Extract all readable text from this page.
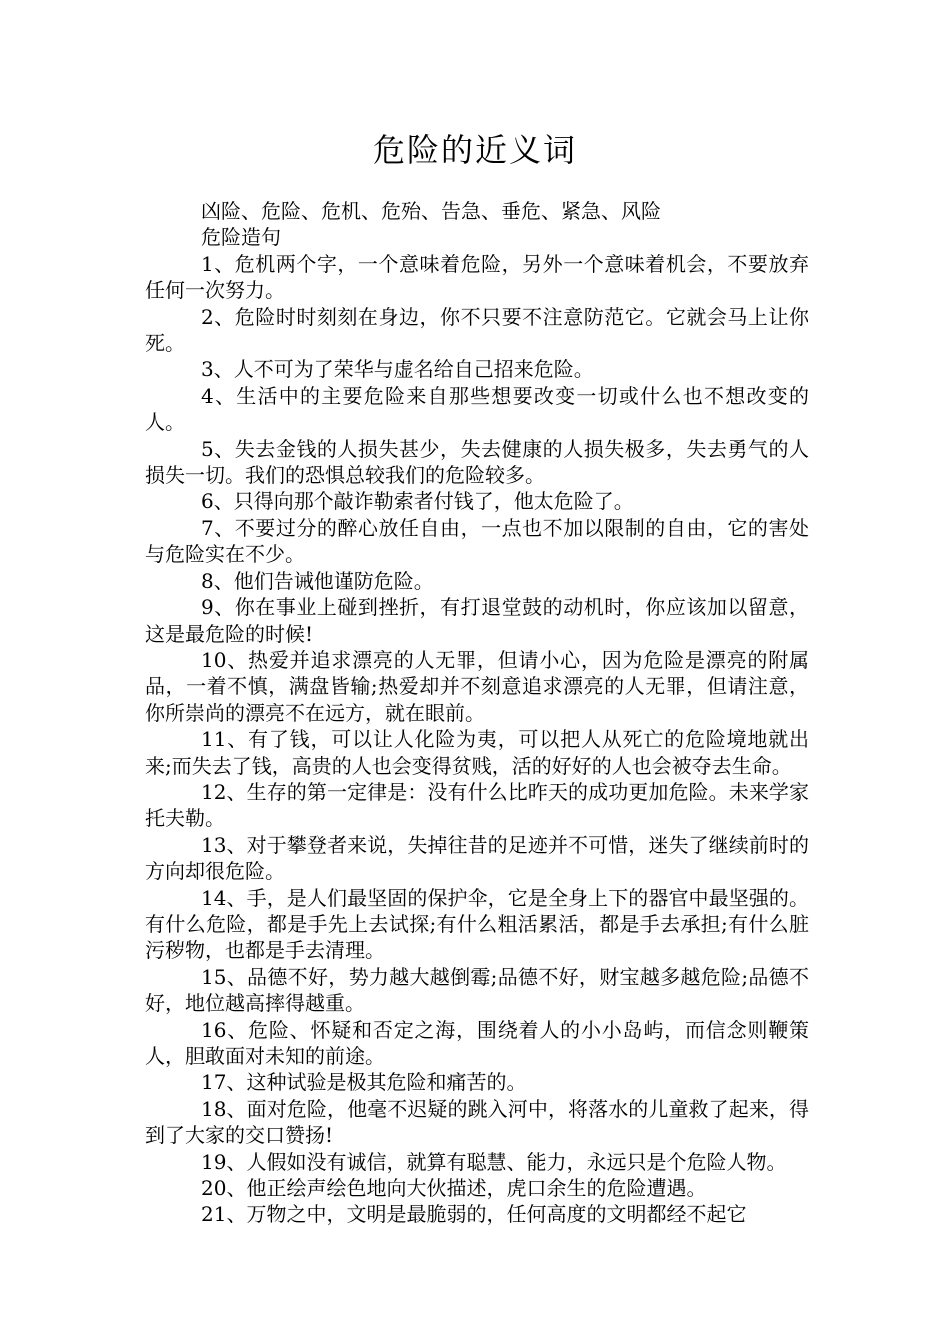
危险的近义词

凶险、危险、危机、危殆、告急、垂危、紧急、风险

危险造句

1、危机两个字，一个意味着危险，另外一个意味着机会，不要放弃任何一次努力。

2、危险时时刻刻在身边，你不只要不注意防范它。它就会马上让你死。

3、人不可为了荣华与虚名给自己招来危险。

4、生活中的主要危险来自那些想要改变一切或什么也不想改变的人。

5、失去金钱的人损失甚少，失去健康的人损失极多，失去勇气的人损失一切。我们的恐惧总较我们的危险较多。

6、只得向那个敲诈勒索者付钱了，他太危险了。

7、不要过分的醉心放任自由，一点也不加以限制的自由，它的害处与危险实在不少。

8、他们告诫他谨防危险。

9、你在事业上碰到挫折，有打退堂鼓的动机时，你应该加以留意，这是最危险的时候!

10、热爱并追求漂亮的人无罪，但请小心，因为危险是漂亮的附属品，一着不慎，满盘皆输;热爱却并不刻意追求漂亮的人无罪，但请注意，你所崇尚的漂亮不在远方，就在眼前。

11、有了钱，可以让人化险为夷，可以把人从死亡的危险境地就出来;而失去了钱，高贵的人也会变得贫贱，活的好好的人也会被夺去生命。

12、生存的第一定律是：没有什么比昨天的成功更加危险。未来学家托夫勒。

13、对于攀登者来说，失掉往昔的足迹并不可惜，迷失了继续前时的方向却很危险。

14、手，是人们最坚固的保护伞，它是全身上下的器官中最坚强的。有什么危险，都是手先上去试探;有什么粗活累活，都是手去承担;有什么脏污秽物，也都是手去清理。

15、品德不好，势力越大越倒霉;品德不好，财宝越多越危险;品德不好，地位越高摔得越重。

16、危险、怀疑和否定之海，围绕着人的小小岛屿，而信念则鞭策人，胆敢面对未知的前途。

17、这种试验是极其危险和痛苦的。

18、面对危险，他毫不迟疑的跳入河中，将落水的儿童救了起来，得到了大家的交口赞扬!

19、人假如没有诚信，就算有聪慧、能力，永远只是个危险人物。

20、他正绘声绘色地向大伙描述，虎口余生的危险遭遇。

21、万物之中，文明是最脆弱的，任何高度的文明都经不起它
